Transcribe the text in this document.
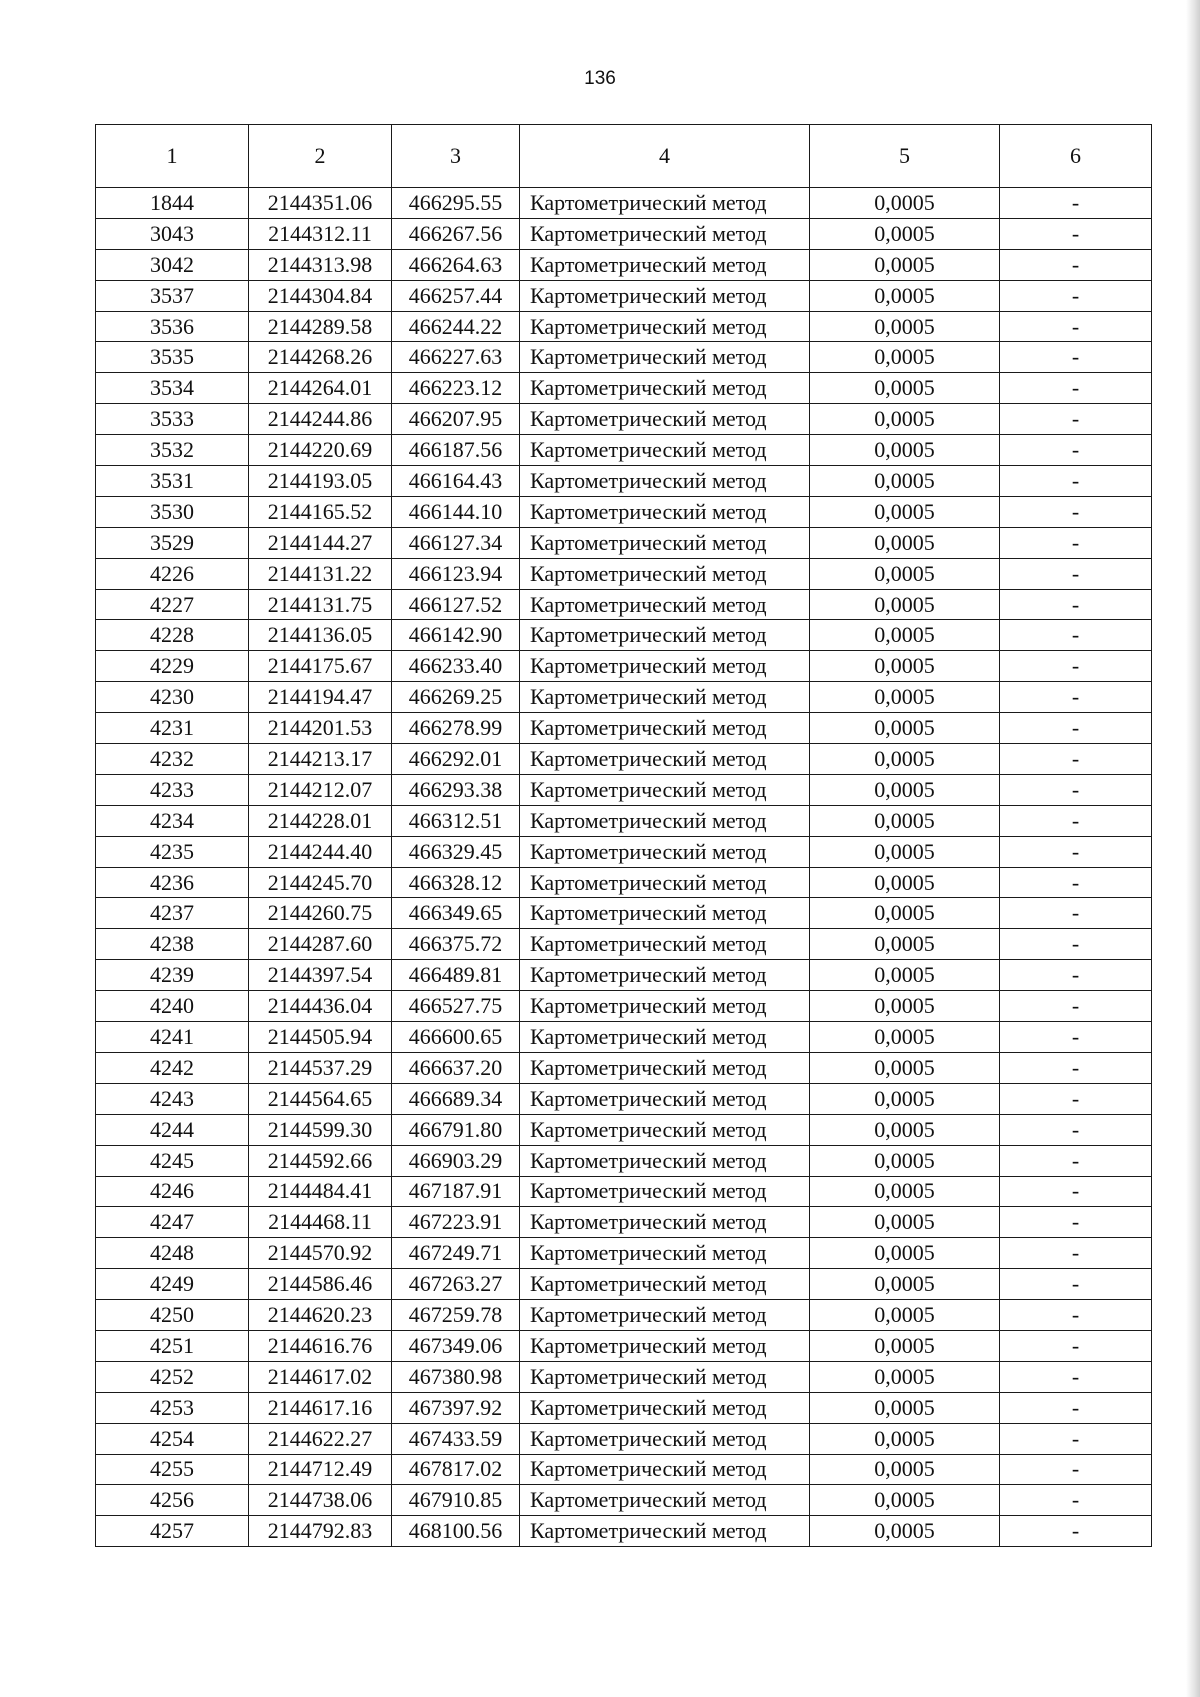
136
1	2	3	4	5	6
1844	2144351.06	466295.55	Картометрический метод	0,0005	-
3043	2144312.11	466267.56	Картометрический метод	0,0005	-
3042	2144313.98	466264.63	Картометрический метод	0,0005	-
3537	2144304.84	466257.44	Картометрический метод	0,0005	-
3536	2144289.58	466244.22	Картометрический метод	0,0005	-
3535	2144268.26	466227.63	Картометрический метод	0,0005	-
3534	2144264.01	466223.12	Картометрический метод	0,0005	-
3533	2144244.86	466207.95	Картометрический метод	0,0005	-
3532	2144220.69	466187.56	Картометрический метод	0,0005	-
3531	2144193.05	466164.43	Картометрический метод	0,0005	-
3530	2144165.52	466144.10	Картометрический метод	0,0005	-
3529	2144144.27	466127.34	Картометрический метод	0,0005	-
4226	2144131.22	466123.94	Картометрический метод	0,0005	-
4227	2144131.75	466127.52	Картометрический метод	0,0005	-
4228	2144136.05	466142.90	Картометрический метод	0,0005	-
4229	2144175.67	466233.40	Картометрический метод	0,0005	-
4230	2144194.47	466269.25	Картометрический метод	0,0005	-
4231	2144201.53	466278.99	Картометрический метод	0,0005	-
4232	2144213.17	466292.01	Картометрический метод	0,0005	-
4233	2144212.07	466293.38	Картометрический метод	0,0005	-
4234	2144228.01	466312.51	Картометрический метод	0,0005	-
4235	2144244.40	466329.45	Картометрический метод	0,0005	-
4236	2144245.70	466328.12	Картометрический метод	0,0005	-
4237	2144260.75	466349.65	Картометрический метод	0,0005	-
4238	2144287.60	466375.72	Картометрический метод	0,0005	-
4239	2144397.54	466489.81	Картометрический метод	0,0005	-
4240	2144436.04	466527.75	Картометрический метод	0,0005	-
4241	2144505.94	466600.65	Картометрический метод	0,0005	-
4242	2144537.29	466637.20	Картометрический метод	0,0005	-
4243	2144564.65	466689.34	Картометрический метод	0,0005	-
4244	2144599.30	466791.80	Картометрический метод	0,0005	-
4245	2144592.66	466903.29	Картометрический метод	0,0005	-
4246	2144484.41	467187.91	Картометрический метод	0,0005	-
4247	2144468.11	467223.91	Картометрический метод	0,0005	-
4248	2144570.92	467249.71	Картометрический метод	0,0005	-
4249	2144586.46	467263.27	Картометрический метод	0,0005	-
4250	2144620.23	467259.78	Картометрический метод	0,0005	-
4251	2144616.76	467349.06	Картометрический метод	0,0005	-
4252	2144617.02	467380.98	Картометрический метод	0,0005	-
4253	2144617.16	467397.92	Картометрический метод	0,0005	-
4254	2144622.27	467433.59	Картометрический метод	0,0005	-
4255	2144712.49	467817.02	Картометрический метод	0,0005	-
4256	2144738.06	467910.85	Картометрический метод	0,0005	-
4257	2144792.83	468100.56	Картометрический метод	0,0005	-
